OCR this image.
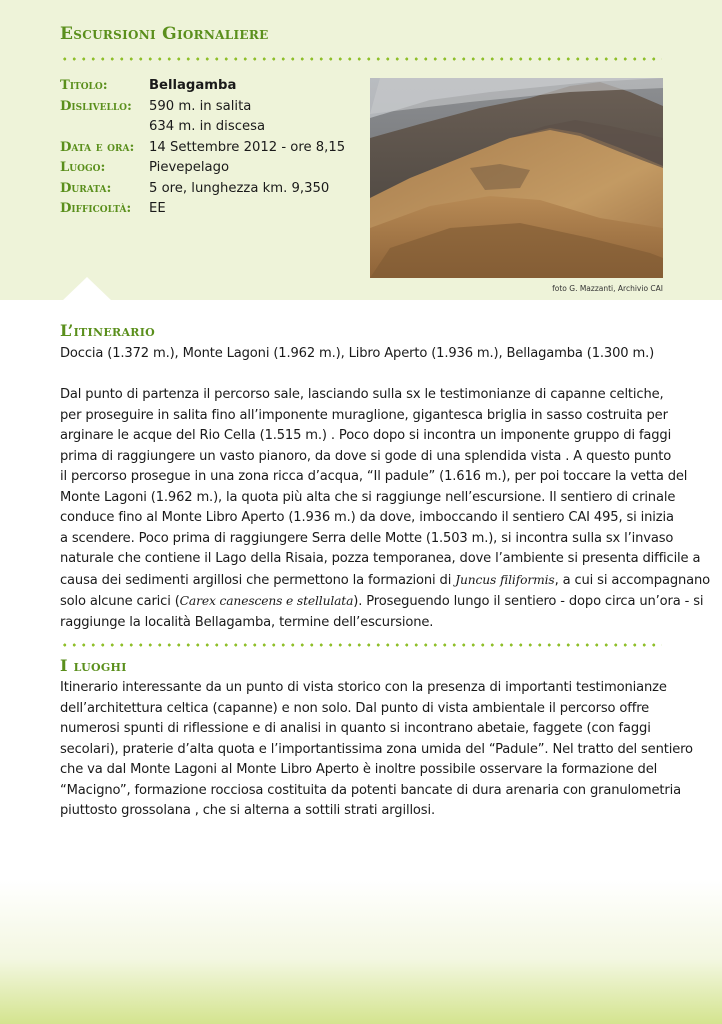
Escursioni Giornaliere
Titolo:	Bellagamba
Dislivello:	590 m. in salita
634 m. in discesa
Data e ora:	14 Settembre 2012 - ore 8,15
Luogo:	Pievepelago
Durata:	5 ore, lunghezza km. 9,350
Difficoltà:	EE
foto G. Mazzanti, Archivio CAI
L’itinerario
Doccia (1.372 m.), Monte Lagoni (1.962 m.), Libro Aperto (1.936 m.), Bellagamba (1.300 m.)
Dal punto di partenza il percorso sale, lasciando sulla sx le testimonianze di capanne celtiche,
per proseguire in salita fino all’imponente muraglione, gigantesca briglia in sasso costruita per
arginare le acque del Rio Cella (1.515 m.) . Poco dopo si incontra un imponente gruppo di faggi
prima di raggiungere un vasto pianoro, da dove si gode di una splendida vista . A questo punto
il percorso prosegue in una zona ricca d’acqua, “Il padule” (1.616 m.), per poi toccare la vetta del
Monte Lagoni (1.962 m.), la quota più alta che si raggiunge nell’escursione. Il sentiero di crinale
conduce fino al Monte Libro Aperto (1.936 m.) da dove, imboccando il sentiero CAI 495, si inizia
a scendere. Poco prima di raggiungere Serra delle Motte (1.503 m.), si incontra sulla sx l’invaso
naturale che contiene il Lago della Risaia, pozza temporanea, dove l’ambiente si presenta difficile a
causa dei sedimenti argillosi che permettono la formazioni di Juncus filiformis, a cui si accompagnano
solo alcune carici (Carex canescens e stellulata). Proseguendo lungo il sentiero - dopo circa un’ora - si
raggiunge la località Bellagamba, termine dell’escursione.
I luoghi
Itinerario interessante da un punto di vista storico con la presenza di importanti testimonianze
dell’architettura celtica (capanne) e non solo. Dal punto di vista ambientale il percorso offre
numerosi spunti di riflessione e di analisi in quanto si incontrano abetaie, faggete (con faggi
secolari), praterie d’alta quota e l’importantissima zona umida del “Padule”. Nel tratto del sentiero
che va dal Monte Lagoni al Monte Libro Aperto è inoltre possibile osservare la formazione del
“Macigno”, formazione rocciosa costituita da potenti bancate di dura arenaria con granulometria
piuttosto grossolana , che si alterna a sottili strati argillosi.
